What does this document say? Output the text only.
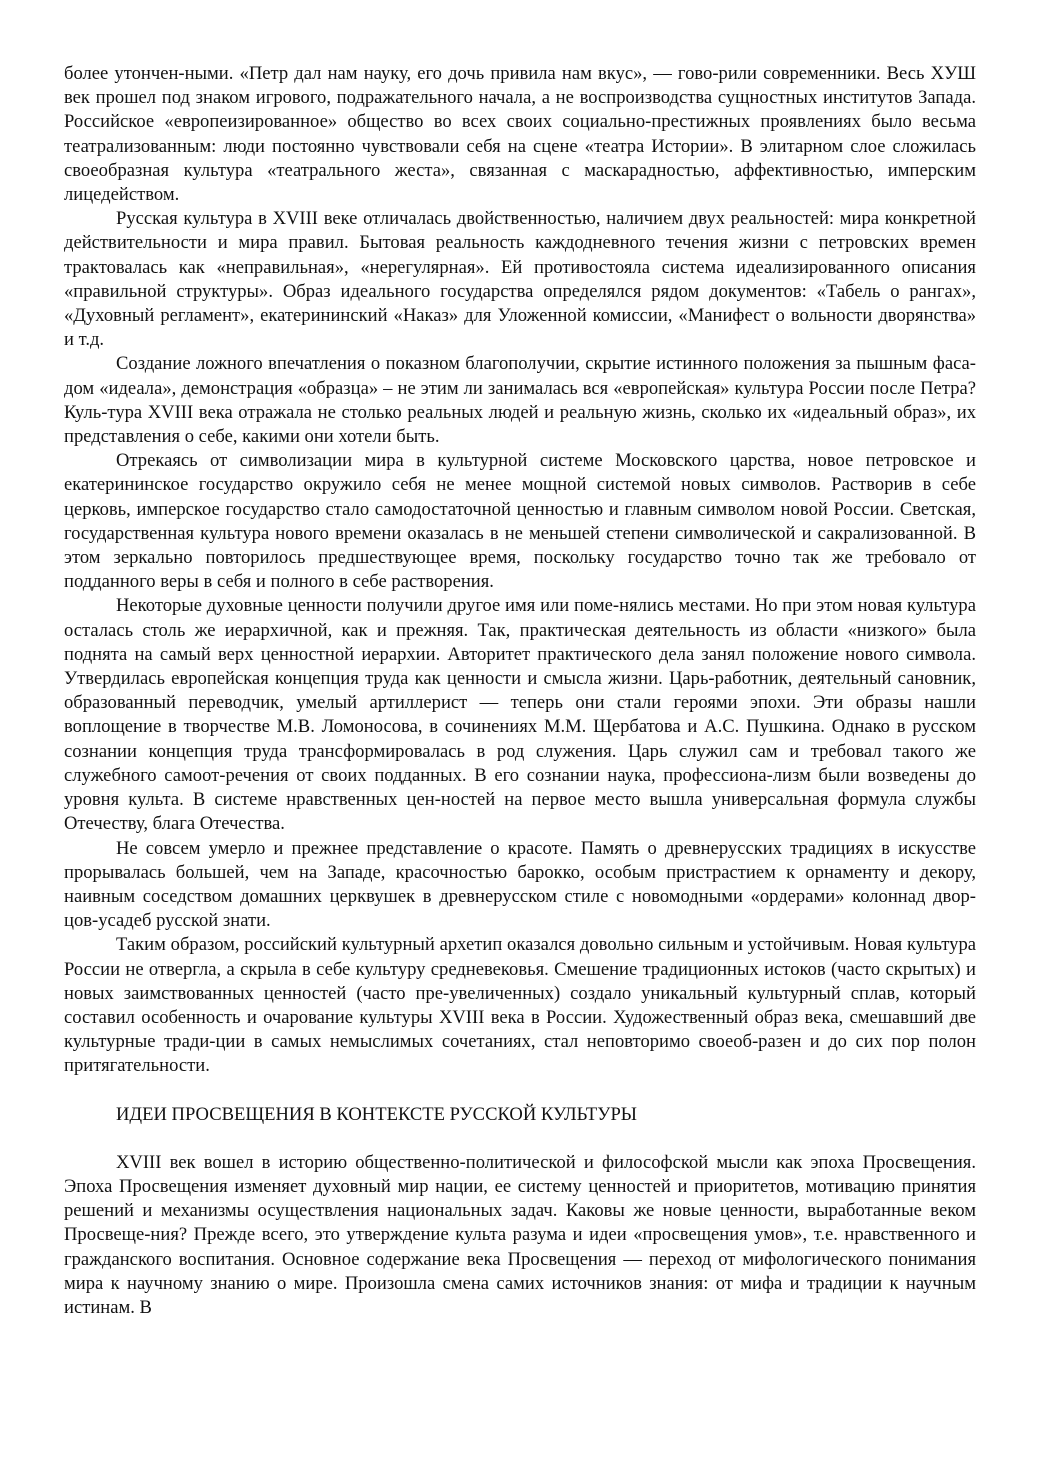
более утончен-ными. «Петр дал нам науку, его дочь привила нам вкус», — гово-рили современники. Весь ХУШ век прошел под знаком игрового, подражательного начала, а не воспроизводства сущностных институтов Запада. Российское «европеизированное» общество во всех своих социально-престижных проявлениях было весьма театрализованным: люди постоянно чувствовали себя на сцене «театра Истории». В элитарном слое сложилась своеобразная культура «театрального жеста», связанная с маскарадностью, аффективностью, имперским лицедейством.

Русская культура в XVIII веке отличалась двойственностью, наличием двух реальностей: мира конкретной действительности и мира правил. Бытовая реальность каждодневного течения жизни с петровских времен трактовалась как «неправильная», «нерегулярная». Ей противостояла система идеализированного описания «правильной структуры». Образ идеального государства определялся рядом документов: «Табель о рангах», «Духовный регламент», екатерининский «Наказ» для Уложенной комиссии, «Манифест о вольности дворянства» и т.д.

Создание ложного впечатления о показном благополучии, скрытие истинного положения за пышным фаса-дом «идеала», демонстрация «образца» – не этим ли занималась вся «европейская» культура России после Петра? Куль-тура XVIII века отражала не столько реальных людей и реальную жизнь, сколько их «идеальный образ», их представления о себе, какими они хотели быть.

Отрекаясь от символизации мира в культурной системе Московского царства, новое петровское и екатерининское государство окружило себя не менее мощной системой новых символов. Растворив в себе церковь, имперское государство стало самодостаточной ценностью и главным символом новой России. Светская, государственная культура нового времени оказалась в не меньшей степени символической и сакрализованной. В этом зеркально повторилось предшествующее время, поскольку государство точно так же требовало от подданного веры в себя и полного в себе растворения.

Некоторые духовные ценности получили другое имя или поме-нялись местами. Но при этом новая культура осталась столь же иерархичной, как и прежняя. Так, практическая деятельность из области «низкого» была поднята на самый верх ценностной иерархии. Авторитет практического дела занял положение нового символа. Утвердилась европейская концепция труда как ценности и смысла жизни. Царь-работник, деятельный сановник, образованный переводчик, умелый артиллерист — теперь они стали героями эпохи. Эти образы нашли воплощение в творчестве М.В. Ломоносова, в сочинениях М.М. Щербатова и А.С. Пушкина. Однако в русском сознании концепция труда трансформировалась в род служения. Царь служил сам и требовал такого же служебного самоот-речения от своих подданных. В его сознании наука, профессиона-лизм были возведены до уровня культа. В системе нравственных цен-ностей на первое место вышла универсальная формула службы Отечеству, блага Отечества.

Не совсем умерло и прежнее представление о красоте. Память о древнерусских традициях в искусстве прорывалась большей, чем на Западе, красочностью барокко, особым пристрастием к орнаменту и декору, наивным соседством домашних церквушек в древнерусском стиле с новомодными «ордерами» колоннад двор-цов-усадеб русской знати.

Таким образом, российский культурный архетип оказался довольно сильным и устойчивым. Новая культура России не отвергла, а скрыла в себе культуру средневековья. Смешение традиционных истоков (часто скрытых) и новых заимствованных ценностей (часто пре-увеличенных) создало уникальный культурный сплав, который составил особенность и очарование культуры XVIII века в России. Художественный образ века, смешавший две культурные тради-ции в самых немыслимых сочетаниях, стал неповторимо своеоб-разен и до сих пор полон притягательности.

ИДЕИ ПРОСВЕЩЕНИЯ В КОНТЕКСТЕ РУССКОЙ КУЛЬТУРЫ

XVIII век вошел в историю общественно-политической и философской мысли как эпоха Просвещения. Эпоха Просвещения изменяет духовный мир нации, ее систему ценностей и приоритетов, мотивацию принятия решений и механизмы осуществления национальных задач. Каковы же новые ценности, выработанные веком Просвеще-ния? Прежде всего, это утверждение культа разума и идеи «просвещения умов», т.е. нравственного и гражданского воспитания. Основное содержание века Просвещения — переход от мифологического понимания мира к научному знанию о мире. Произошла смена самих источников знания: от мифа и традиции к научным истинам. В
